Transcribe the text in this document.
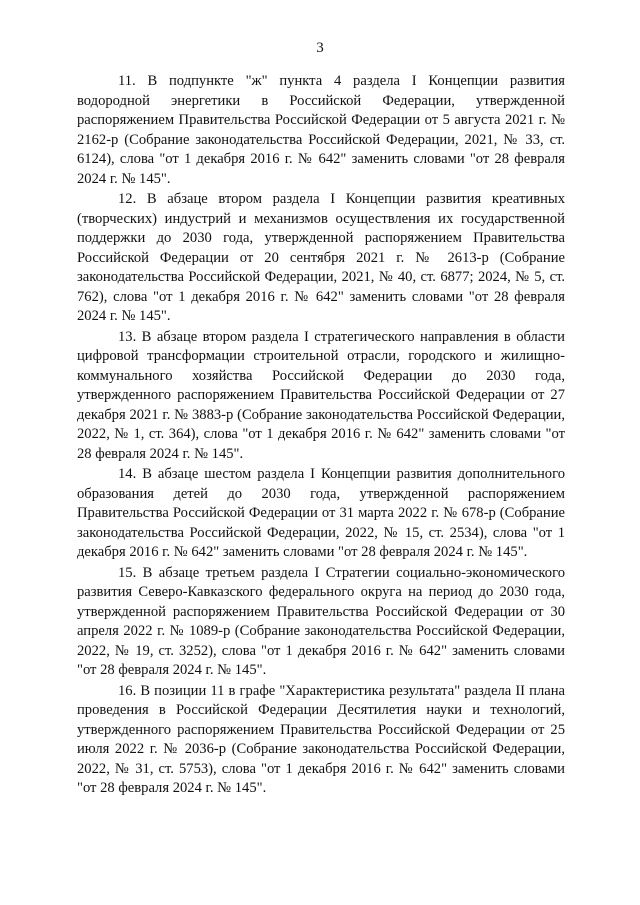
3

11. В подпункте "ж" пункта 4 раздела I Концепции развития водородной энергетики в Российской Федерации, утвержденной распоряжением Правительства Российской Федерации от 5 августа 2021 г. № 2162-р (Собрание законодательства Российской Федерации, 2021, № 33, ст. 6124), слова "от 1 декабря 2016 г. № 642" заменить словами "от 28 февраля 2024 г. № 145".

12. В абзаце втором раздела I Концепции развития креативных (творческих) индустрий и механизмов осуществления их государственной поддержки до 2030 года, утвержденной распоряжением Правительства Российской Федерации от 20 сентября 2021 г. № 2613-р (Собрание законодательства Российской Федерации, 2021, № 40, ст. 6877; 2024, № 5, ст. 762), слова "от 1 декабря 2016 г. № 642" заменить словами "от 28 февраля 2024 г. № 145".

13. В абзаце втором раздела I стратегического направления в области цифровой трансформации строительной отрасли, городского и жилищно-коммунального хозяйства Российской Федерации до 2030 года, утвержденного распоряжением Правительства Российской Федерации от 27 декабря 2021 г. № 3883-р (Собрание законодательства Российской Федерации, 2022, № 1, ст. 364), слова "от 1 декабря 2016 г. № 642" заменить словами "от 28 февраля 2024 г. № 145".

14. В абзаце шестом раздела I Концепции развития дополнительного образования детей до 2030 года, утвержденной распоряжением Правительства Российской Федерации от 31 марта 2022 г. № 678-р (Собрание законодательства Российской Федерации, 2022, № 15, ст. 2534), слова "от 1 декабря 2016 г. № 642" заменить словами "от 28 февраля 2024 г. № 145".

15. В абзаце третьем раздела I Стратегии социально-экономического развития Северо-Кавказского федерального округа на период до 2030 года, утвержденной распоряжением Правительства Российской Федерации от 30 апреля 2022 г. № 1089-р (Собрание законодательства Российской Федерации, 2022, № 19, ст. 3252), слова "от 1 декабря 2016 г. № 642" заменить словами "от 28 февраля 2024 г. № 145".

16. В позиции 11 в графе "Характеристика результата" раздела II плана проведения в Российской Федерации Десятилетия науки и технологий, утвержденного распоряжением Правительства Российской Федерации от 25 июля 2022 г. № 2036-р (Собрание законодательства Российской Федерации, 2022, № 31, ст. 5753), слова "от 1 декабря 2016 г. № 642" заменить словами "от 28 февраля 2024 г. № 145".
